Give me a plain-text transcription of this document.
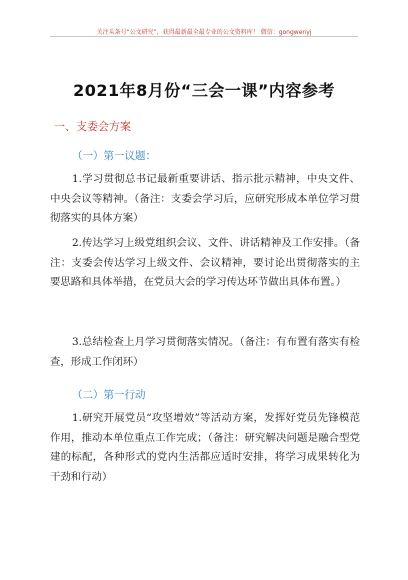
关注头条号“公文研究”，获得最新最全最专业的公文资料库！ 微信：gongwenyj
2021年8月份“三会一课”内容参考
一、支委会方案
（一）第一议题：

1.学习贯彻总书记最新重要讲话、指示批示精神，中央文件、中央会议等精神。（备注：支委会学习后，应研究形成本单位学习贯彻落实的具体方案）

2.传达学习上级党组织会议、文件、讲话精神及工作安排。（备注：支委会传达学习上级文件、会议精神，要讨论出贯彻落实的主要思路和具体举措，在党员大会的学习传达环节做出具体布置。）

3.总结检查上月学习贯彻落实情况。（备注：有布置有落实有检查，形成工作闭环）

（二）第一行动

1.研究开展党员“攻坚增效”等活动方案，发挥好党员先锋模范作用，推动本单位重点工作完成；（备注：研究解决问题是融合型党建的标配，各种形式的党内生活都应适时安排，将学习成果转化为干劲和行动）
